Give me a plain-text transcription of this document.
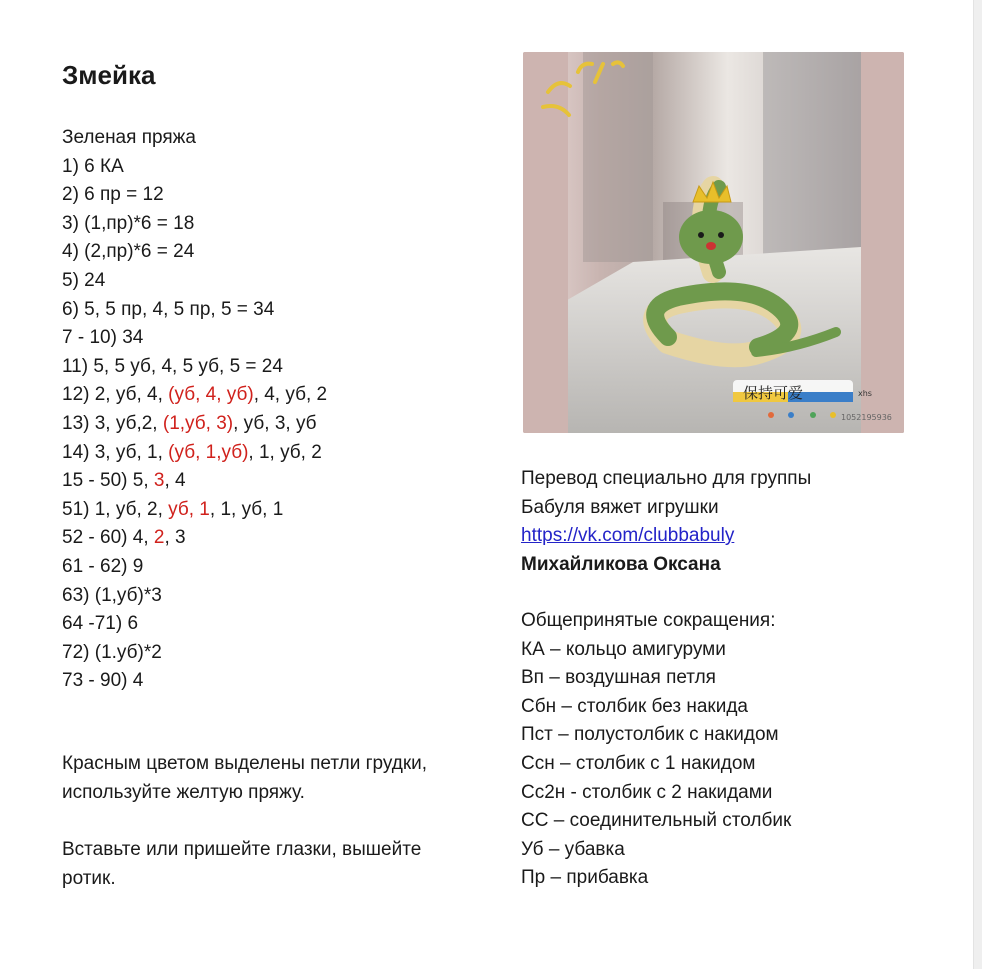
Змейка
Зеленая пряжа
1) 6 КА
2) 6 пр = 12
3) (1,пр)*6 = 18
4) (2,пр)*6 = 24
5) 24
6) 5, 5 пр, 4, 5 пр, 5 = 34
7 - 10) 34
11) 5, 5 уб, 4, 5 уб, 5 = 24
12) 2, уб, 4, (уб, 4, уб), 4, уб, 2
13) 3, уб,2, (1,уб, 3), уб, 3, уб
14) 3, уб, 1, (уб, 1,уб), 1, уб, 2
15 - 50) 5, 3, 4
51) 1, уб, 2, уб, 1, 1, уб, 1
52 - 60) 4, 2, 3
61 - 62) 9
63) (1,уб)*3
64 -71) 6
72) (1.уб)*2
73 - 90) 4
Красным цветом выделены петли грудки,
используйте желтую пряжу.
Вставьте или пришейте глазки, вышейте
ротик.
保持可爱	xhs
1052195936
Перевод специально для группы
Бабуля вяжет игрушки
https://vk.com/clubbabuly
Михайликова Оксана
Общепринятые сокращения:
КА – кольцо амигуруми
Вп – воздушная петля
Сбн – столбик без накида
Пст – полустолбик с накидом
Ссн – столбик с 1 накидом
Сс2н - столбик с 2 накидами
СС – соединительный столбик
Уб – убавка
Пр – прибавка
